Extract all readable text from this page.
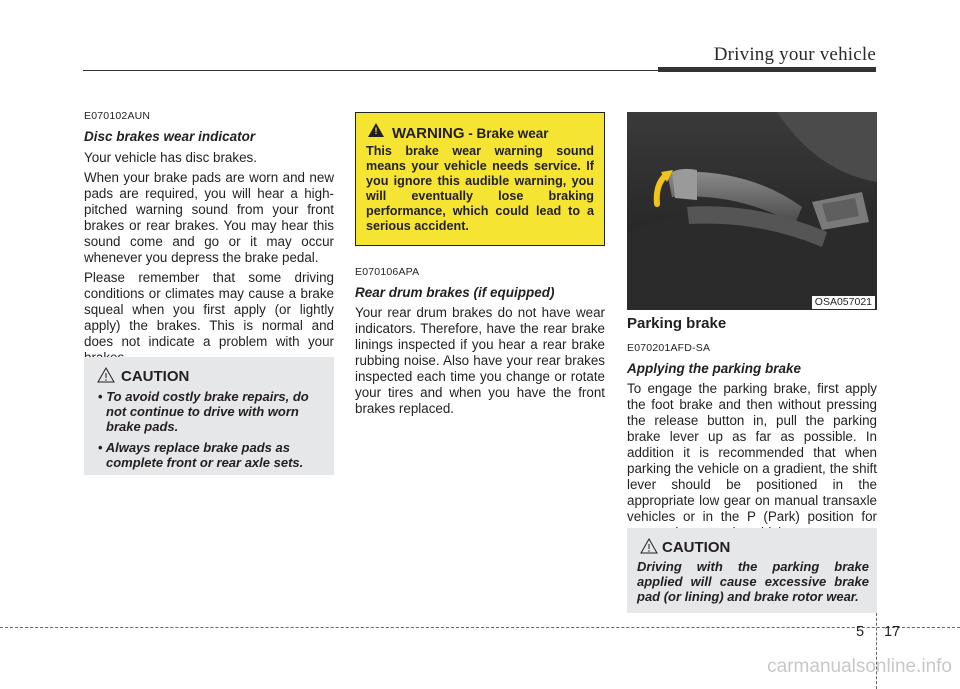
Driving your vehicle
E070102AUN
Disc brakes wear indicator

Your vehicle has disc brakes.

When your brake pads are worn and new pads are required, you will hear a high-pitched warning sound from your front brakes or rear brakes. You may hear this sound come and go or it may occur whenever you depress the brake pedal.

Please remember that some driving conditions or climates may cause a brake squeal when you first apply (or lightly apply) the brakes. This is normal and does not indicate a problem with your

CAUTION
• To avoid costly brake repairs, do not continue to drive with worn brake pads.
• Always replace brake pads as complete front or rear axle sets.
! WARNING - Brake wear
This brake wear warning sound means your vehicle needs service. If you ignore this audible warning, you will eventually lose braking performance, which could lead to a serious accident.
E070106APA
Rear drum brakes (if equipped)

Your rear drum brakes do not have wear indicators. Therefore, have the rear brake linings inspected if you hear a rear brake rubbing noise. Also have your rear brakes inspected each time you change or rotate your tires and when you have the front brakes replaced.

OSA057021
Parking brake
E070201AFD-SA
Applying the parking brake

To engage the parking brake, first apply the foot brake and then without pressing the release button in, pull the parking brake lever up as far as possible. In addition it is recommended that when parking the vehicle on a gradient, the shift lever should be positioned in the appropriate low gear on manual transaxle vehicles or in the P (Park) position for

CAUTION
Driving with the parking brake applied will cause excessive brake pad (or lining) and brake rotor wear.
5 17
carmanualsonline.info
